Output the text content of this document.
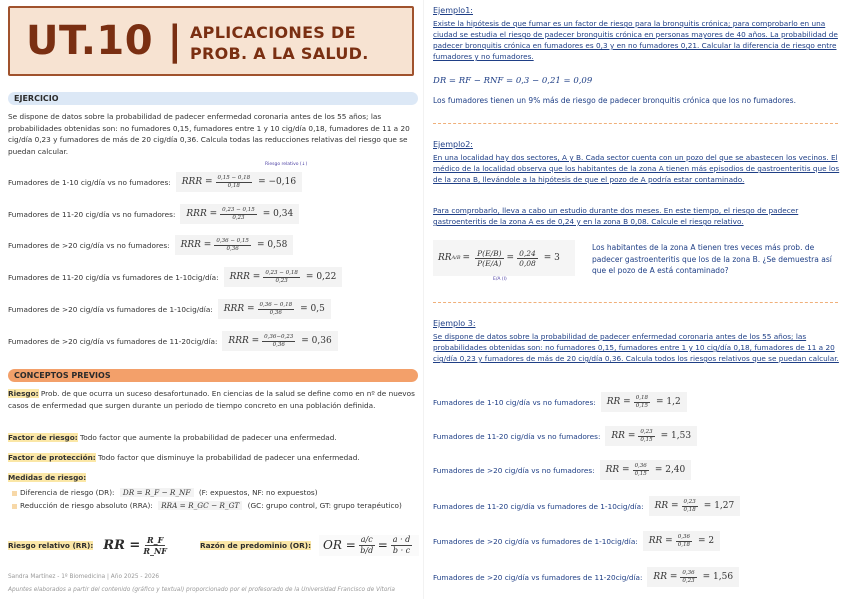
UT.10 | APLICACIONES DE
PROB. A LA SALUD.
EJERCICIO
Se dispone de datos sobre la probabilidad de padecer enfermedad coronaria antes de los 55 años; las probabilidades obtenidas son: no fumadores 0,15, fumadores entre 1 y 10 cig/día 0,18, fumadores de 11 a 20 cig/día 0,23 y fumadores de más de 20 cig/día 0,36. Calcula todas las reducciones relativas del riesgo que se puedan calcular.
Riesgo relativo (↓)
Fumadores de 1-10 cig/día vs no fumadores: RRR = $\frac{0,15 - 0,18}{0,18} = -0,16$
Fumadores de 11-20 cig/día vs no fumadores: RRR = $\frac{0,23 - 0,15}{0,23} = 0,34$
Fumadores de >20 cig/día vs no fumadores: RRR = $\frac{0,36 - 0,15}{0,36} = 0,58$
Fumadores de 11-20 cig/día vs fumadores de 1-10cig/día: RRR = $\frac{0,23 - 0,18}{0,23} = 0,22$
Fumadores de >20 cig/día vs fumadores de 1-10cig/día: RRR = $\frac{0,36 - 0,18}{0,36} = 0,5$
Fumadores de >20 cig/día vs fumadores de 11-20cig/día: RRR = $\frac{0,36-0,23}{0,36} = 0,36$
CONCEPTOS PREVIOS
Riesgo: Prob. de que ocurra un suceso desafortunado. En ciencias de la salud se define como en nº de nuevos casos de enfermedad que surgen durante un periodo de tiempo concreto en una población definida.
Factor de riesgo: Todo factor que aumente la probabilidad de padecer una enfermedad.
Factor de protección: Todo factor que disminuye la probabilidad de padecer una enfermedad.
Medidas de riesgo:
Diferencia de riesgo (DR): DR = R_F − R_NF (F: expuestos, NF: no expuestos)
Reducción de riesgo absoluto (RRA): RRA = R_GC − R_GT (GC: grupo control, GT: grupo terapéutico)
Riesgo relativo (RR): RR = $\frac{R\_F}{R\_NF}$	Razón de predominio (OR): OR = $\frac{a/c}{b/d} = \frac{a \cdot d}{b \cdot c}$
Sandra Martínez - 1º Biomedicina | Año 2025 - 2026
Apuntes elaborados a partir del contenido (gráfico y textual) proporcionado por el profesorado de la Universidad Francisco de Vitoria
Ejemplo1:
Existe la hipótesis de que fumar es un factor de riesgo para la bronquitis crónica; para comprobarlo en una ciudad se estudia el riesgo de padecer bronquitis crónica en personas mayores de 40 años. La probabilidad de padecer bronquitis crónica en fumadores es 0,3 y en no fumadores 0,21. Calcular la diferencia de riesgo entre fumadores y no fumadores.
DR = RF − RNF = 0,3 − 0,21 = 0,09
Los fumadores tienen un 9% más de riesgo de padecer bronquitis crónica que los no fumadores.
Ejemplo2:
En una localidad hay dos sectores, A y B. Cada sector cuenta con un pozo del que se abastecen los vecinos. El médico de la localidad observa que los habitantes de la zona A tienen más episodios de gastroenteritis que los de la zona B, llevándole a la hipótesis de que el pozo de A podría estar contaminado.
Para comprobarlo, lleva a cabo un estudio durante dos meses. En este tiempo, el riesgo de padecer gastroenteritis de la zona A es de 0,24 y en la zona B 0,08. Calcule el riesgo relativo.
RR $A/B = \frac{P(E/B)}{P(E/A)} = \frac{0,24}{0,08} = 3$
E/A (I)
Los habitantes de la zona A tienen tres veces más prob. de padecer gastroenteritis que los de la zona B. ¿Se demuestra así que el pozo de A está contaminado?
Ejemplo 3:
Se dispone de datos sobre la probabilidad de padecer enfermedad coronaria antes de los 55 años; las probabilidades obtenidas son: no fumadores 0,15, fumadores entre 1 y 10 cig/día 0,18, fumadores de 11 a 20 cig/día 0,23 y fumadores de más de 20 cig/día 0,36. Calcula todos los riesgos relativos que se puedan calcular.
Fumadores de 1-10 cig/día vs no fumadores: RR = $\frac{0,18}{0,15} = 1,2$
Fumadores de 11-20 cig/día vs no fumadores: RR = $\frac{0,23}{0,15} = 1,53$
Fumadores de >20 cig/día vs no fumadores: RR = $\frac{0,36}{0,15} = 2,40$
Fumadores de 11-20 cig/día vs fumadores de 1-10cig/día: RR = $\frac{0,23}{0,18} = 1,27$
Fumadores de >20 cig/día vs fumadores de 1-10cig/día: RR = $\frac{0,36}{0,18} = 2$
Fumadores de >20 cig/día vs fumadores de 11-20cig/día: RR = $\frac{0,36}{0,23} = 1,56$
